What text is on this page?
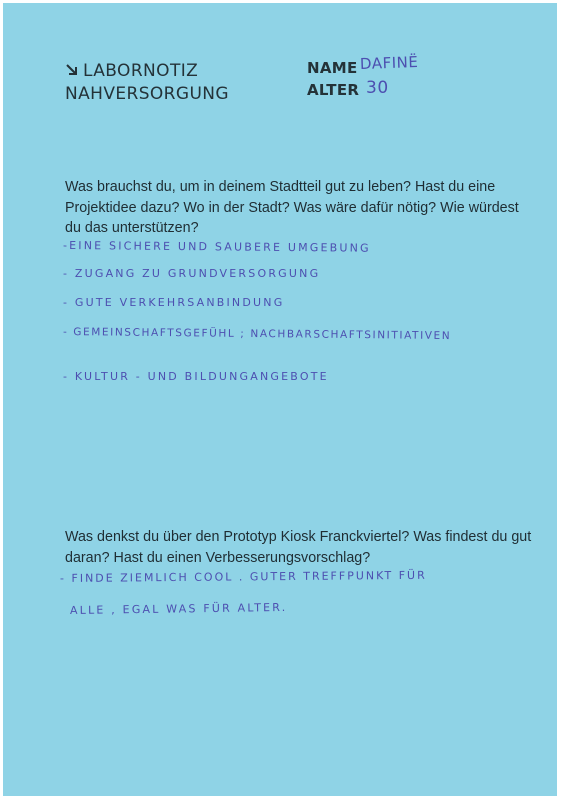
LABORNOTIZ
NAHVERSORGUNG
NAME DAFINË
ALTER 30
Was brauchst du, um in deinem Stadtteil gut zu leben? Hast du eine Projektidee dazu? Wo in der Stadt? Was wäre dafür nötig? Wie würdest du das unterstützen?
-EINE SICHERE UND SAUBERE UMGEBUNG
- ZUGANG ZU GRUNDVERSORGUNG
- GUTE VERKEHRSANBINDUNG
- GEMEINSCHAFTSGEFÜHL ; NACHBARSCHAFTSINITIATIVEN
- KULTUR - UND BILDUNGANGEBOTE
Was denkst du über den Prototyp Kiosk Franckviertel? Was findest du gut daran? Hast du einen Verbesserungsvorschlag?
- FINDE ZIEMLICH COOL . GUTER TREFFPUNKT FÜR
ALLE , EGAL WAS FÜR ALTER.
